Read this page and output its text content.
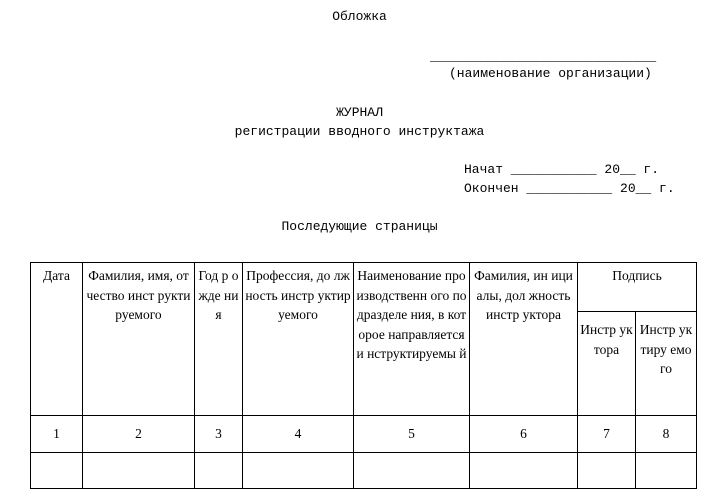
Обложка
_____________________________
(наименование организации)
ЖУРНАЛ
регистрации вводного инструктажа
Начат ___________ 20__ г.
Окончен ___________ 20__ г.
Последующие страницы
Дата	Фамилия, имя, отчество инст руктируемого	Год р ожде ния	Профессия, до лжность инстр уктируемого	Наименование производственн ого подразделе ния, в которое направляется и нструктируемы й	Фамилия, ин ициалы, дол жность инстр уктора	Подпись	

						Инстр уктора	Инстр уктиру емого

1	2	3	4	5	6	7	8
